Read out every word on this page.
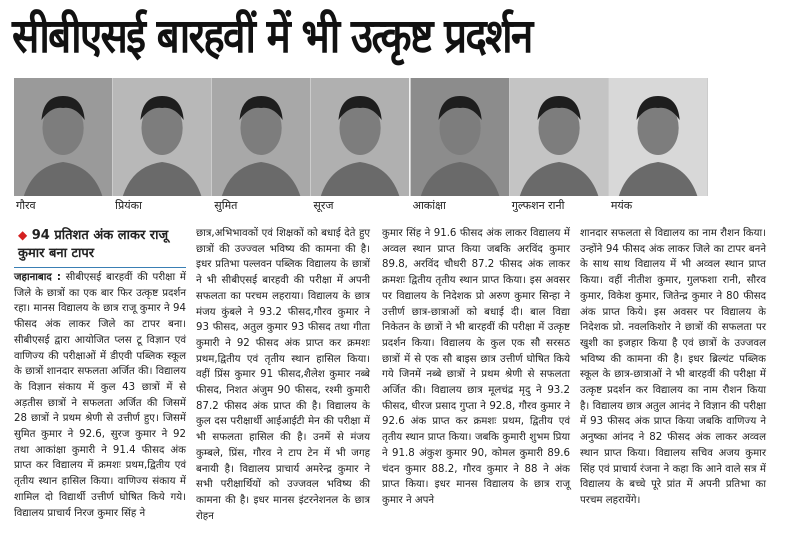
सीबीएसई बारहवीं में भी उत्कृष्ट प्रदर्शन
गौरव	प्रियंका	सुमित	सूरज	आकांक्षा	गुल्फशन रानी	मयंक
◆ 94 प्रतिशत अंक लाकर राजू कुमार बना टापर
जहानाबाद : सीबीएसई बारहवीं की परीक्षा में जिले के छात्रों का एक बार फिर उत्कृष्ट प्रदर्शन रहा। मानस विद्यालय के छात्र राजू कुमार ने 94 फीसद अंक लाकर जिले का टापर बना। सीबीएसई द्वारा आयोजित प्लस टू विज्ञान एवं वाणिज्य की परीक्षाओं में डीएवी पब्लिक स्कूल के छात्रों शानदार सफलता अर्जित की। विद्यालय के विज्ञान संकाय में कुल 43 छात्रों में से अड़तीस छात्रों ने सफलता अर्जित की जिसमें 28 छात्रों ने प्रथम श्रेणी से उत्तीर्ण हुए। जिसमें सुमित कुमार ने 92.6, सुरज कुमार ने 92 तथा आकांक्षा कुमारी ने 91.4 फीसद अंक प्राप्त कर विद्यालय में क्रमशः प्रथम,द्वितीय एवं तृतीय स्थान हासिल किया। वाणिज्य संकाय में शामिल दो विद्यार्थी उत्तीर्ण घोषित किये गये। विद्यालय प्राचार्य निरज कुमार सिंह ने
छात्र,अभिभावकों एवं शिक्षकों को बधाई देते हुए छात्रों की उज्ज्वल भविष्य की कामना की है। इधर प्रतिभा पल्लवन पब्लिक विद्यालय के छात्रों ने भी सीबीएसई बारहवी की परीक्षा में अपनी सफलता का परचम लहराया। विद्यालय के छात्र मंजय कुंबले ने 93.2 फीसद,गौरव कुमार ने 93 फीसद, अतुल कुमार 93 फीसद तथा गीता कुमारी ने 92 फीसद अंक प्राप्त कर क्रमशः प्रथम,द्वितीय एवं तृतीय स्थान हासिल किया। वहीं प्रिंस कुमार 91 फीसद,शैलेश कुमार नब्बे फीसद, निशत अंजुम 90 फीसद, रश्मी कुमारी 87.2 फीसद अंक प्राप्त की है। विद्यालय के कुल दस परीक्षार्थी आईआईटी मेन की परीक्षा में भी सफलता हासिल की है। उनमें से मंजय कुम्बले, प्रिंस, गौरव ने टाप टेन में भी जगह बनायी है। विद्यालय प्राचार्य अमरेन्द्र कुमार ने सभी परीक्षार्थियों को उज्जवल भविष्य की कामना की है। इधर मानस इंटरनेशनल के छात्र रोहन
कुमार सिंह ने 91.6 फीसद अंक लाकर विद्यालय में अव्वल स्थान प्राप्त किया जबकि अरविंद कुमार 89.8, अरविंद चौधरी 87.2 फीसद अंक लाकर क्रमशः द्वितीय तृतीय स्थान प्राप्त किया। इस अवसर पर विद्यालय के निदेशक प्रो अरुण कुमार सिन्हा ने उत्तीर्ण छात्र-छात्राओं को बधाई दी। बाल विद्या निकेतन के छात्रों ने भी बारहवीं की परीक्षा में उत्कृष्ट प्रदर्शन किया। विद्यालय के कुल एक सौ सरसठ छात्रों में से एक सौ बाइस छात्र उत्तीर्ण घोषित किये गये जिनमें नब्बे छात्रों ने प्रथम श्रेणी से सफलता अर्जित की। विद्यालय छात्र मूलचंद्र मृदु ने 93.2 फीसद, धीरज प्रसाद गुप्ता ने 92.8, गौरव कुमार ने 92.6 अंक प्राप्त कर क्रमशः प्रथम, द्वितीय एवं तृतीय स्थान प्राप्त किया। जबकि कुमारी शुभम प्रिया ने 91.8 अंकुश कुमार 90, कोमल कुमारी 89.6 चंदन कुमार 88.2, गौरव कुमार ने 88 ने अंक प्राप्त किया। इधर मानस विद्यालय के छात्र राजू कुमार ने अपने
शानदार सफलता से विद्यालय का नाम रौशन किया। उन्होंने 94 फीसद अंक लाकर जिले का टापर बनने के साथ साथ विद्यालय में भी अव्वल स्थान प्राप्त किया। वहीं नीतीश कुमार, गुलफशा रानी, सौरव कुमार, विकेश कुमार, जितेन्द्र कुमार ने 80 फीसद अंक प्राप्त किये। इस अवसर पर विद्यालय के निदेशक प्रो. नवलकिशोर ने छात्रों की सफलता पर खुशी का इजहार किया है एवं छात्रों के उज्जवल भविष्य की कामना की है। इधर ब्रिल्यंट पब्लिक स्कूल के छात्र-छात्राओं ने भी बारहवीं की परीक्षा में उत्कृष्ट प्रदर्शन कर विद्यालय का नाम रौशन किया है। विद्यालय छात्र अतुल आनंद ने विज्ञान की परीक्षा में 93 फीसद अंक प्राप्त किया जबकि वाणिज्य ने अनुष्का आंनद ने 82 फीसद अंक लाकर अव्वल स्थान प्राप्त किया। विद्यालय सचिव अजय कुमार सिंह एवं प्राचार्य रंजना ने कहा कि आने वाले सत्र में विद्यालय के बच्चे पूरे प्रांत में अपनी प्रतिभा का परचम लहरायेंगे।
